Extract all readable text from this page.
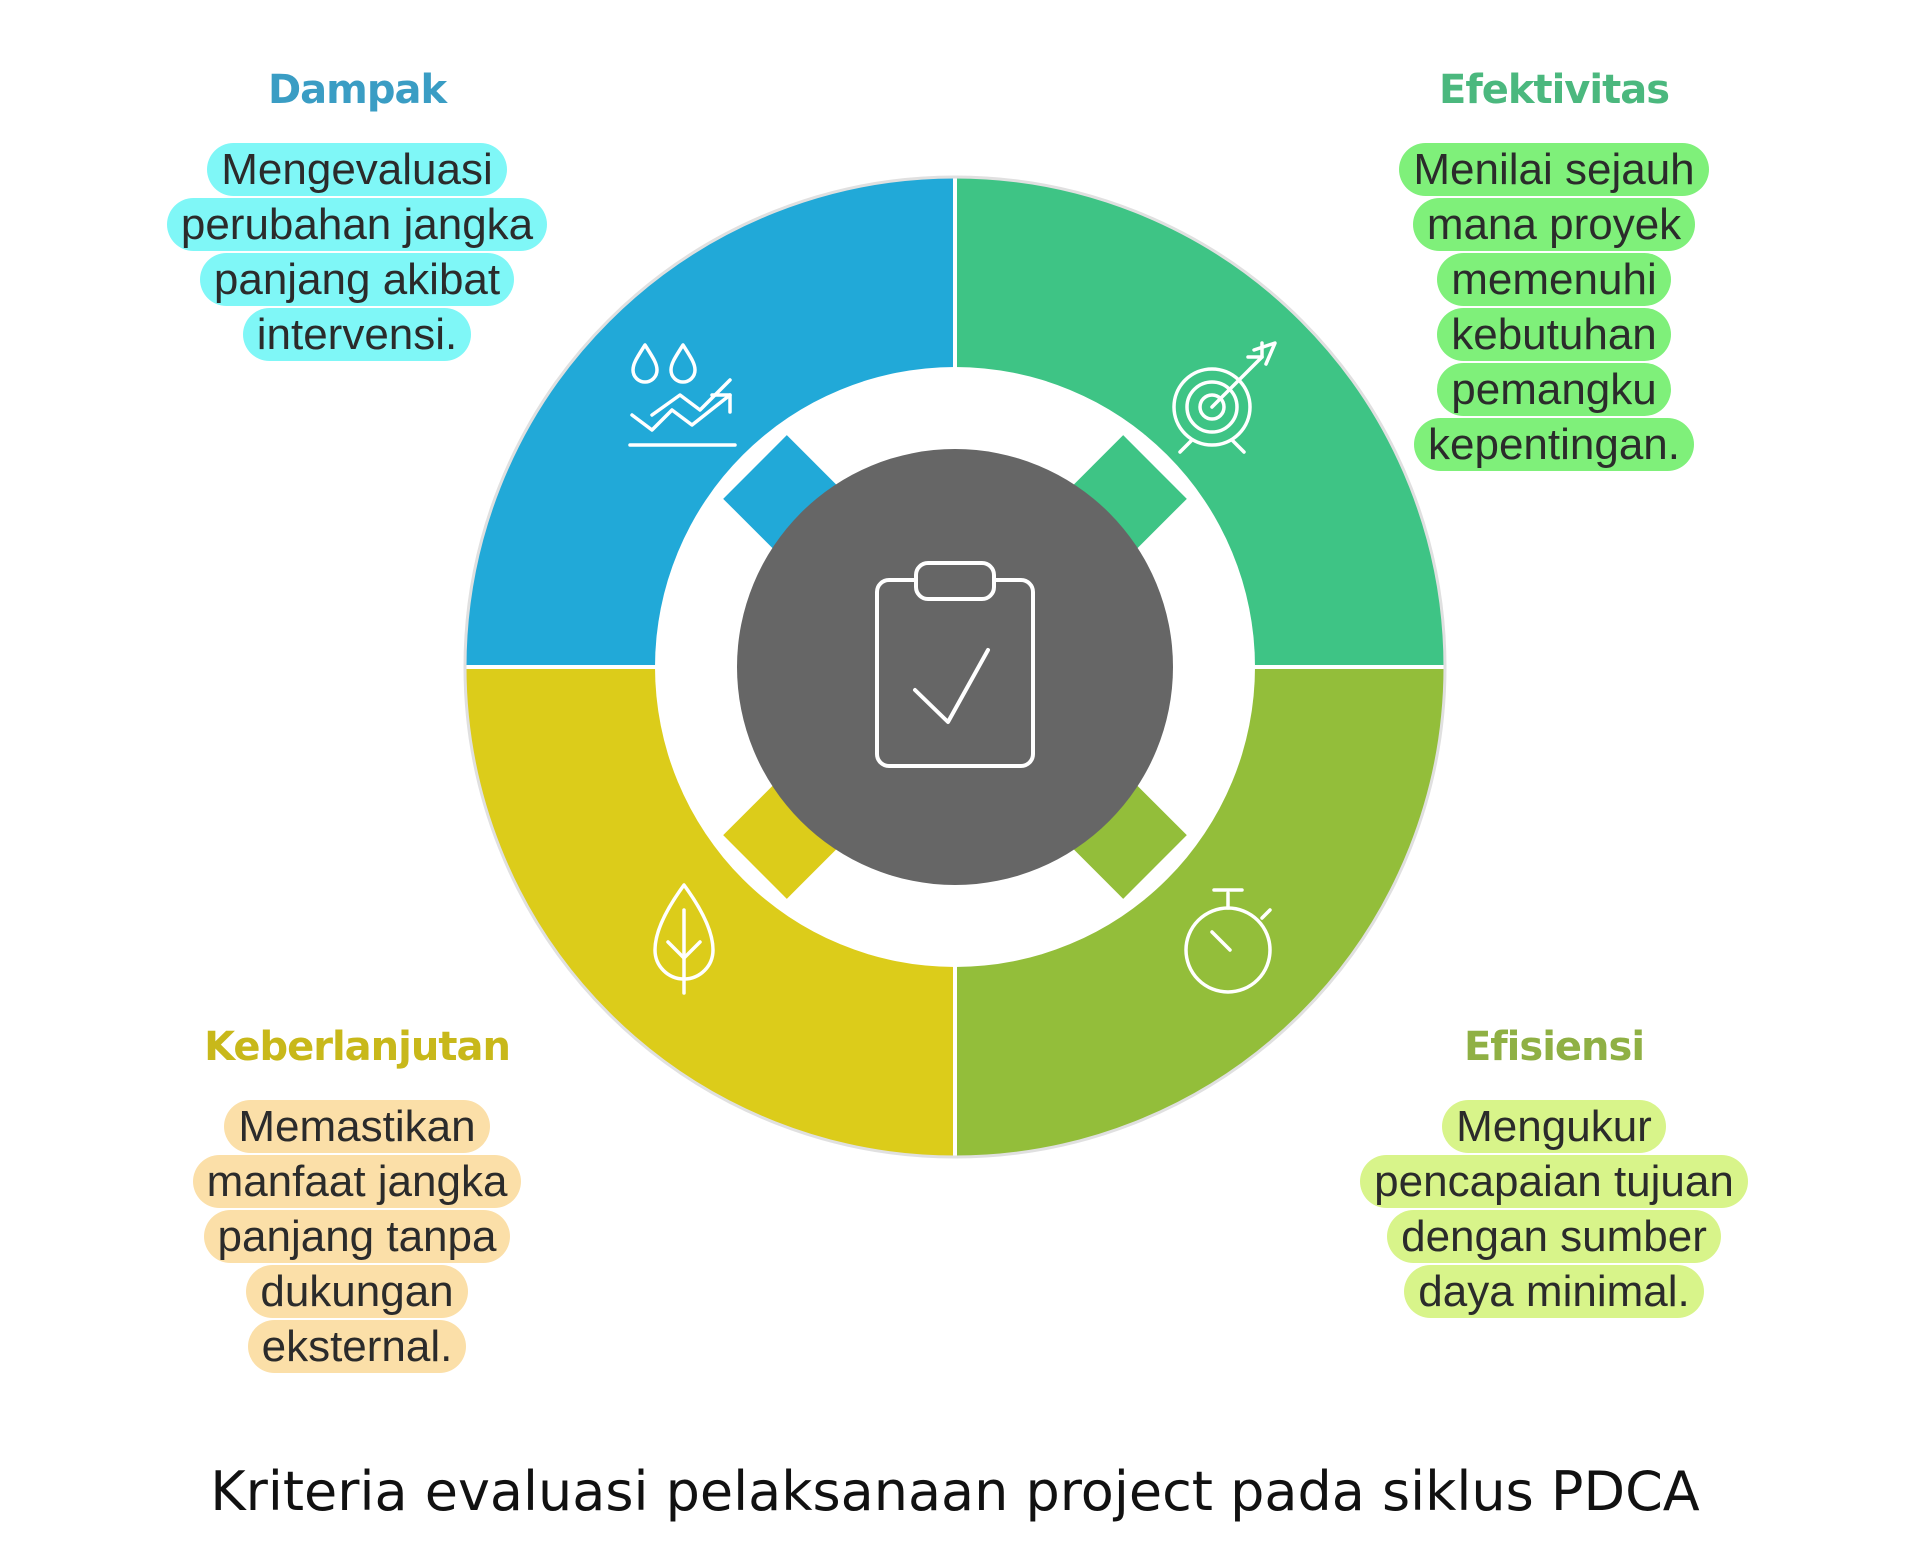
Dampak
Mengevaluasi
perubahan jangka
panjang akibat
intervensi.
Efektivitas
Menilai sejauh
mana proyek
memenuhi
kebutuhan
pemangku
kepentingan.
Keberlanjutan
Memastikan
manfaat jangka
panjang tanpa
dukungan
eksternal.
Efisiensi
Mengukur
pencapaian tujuan
dengan sumber
daya minimal.
Kriteria evaluasi pelaksanaan project pada siklus PDCA
